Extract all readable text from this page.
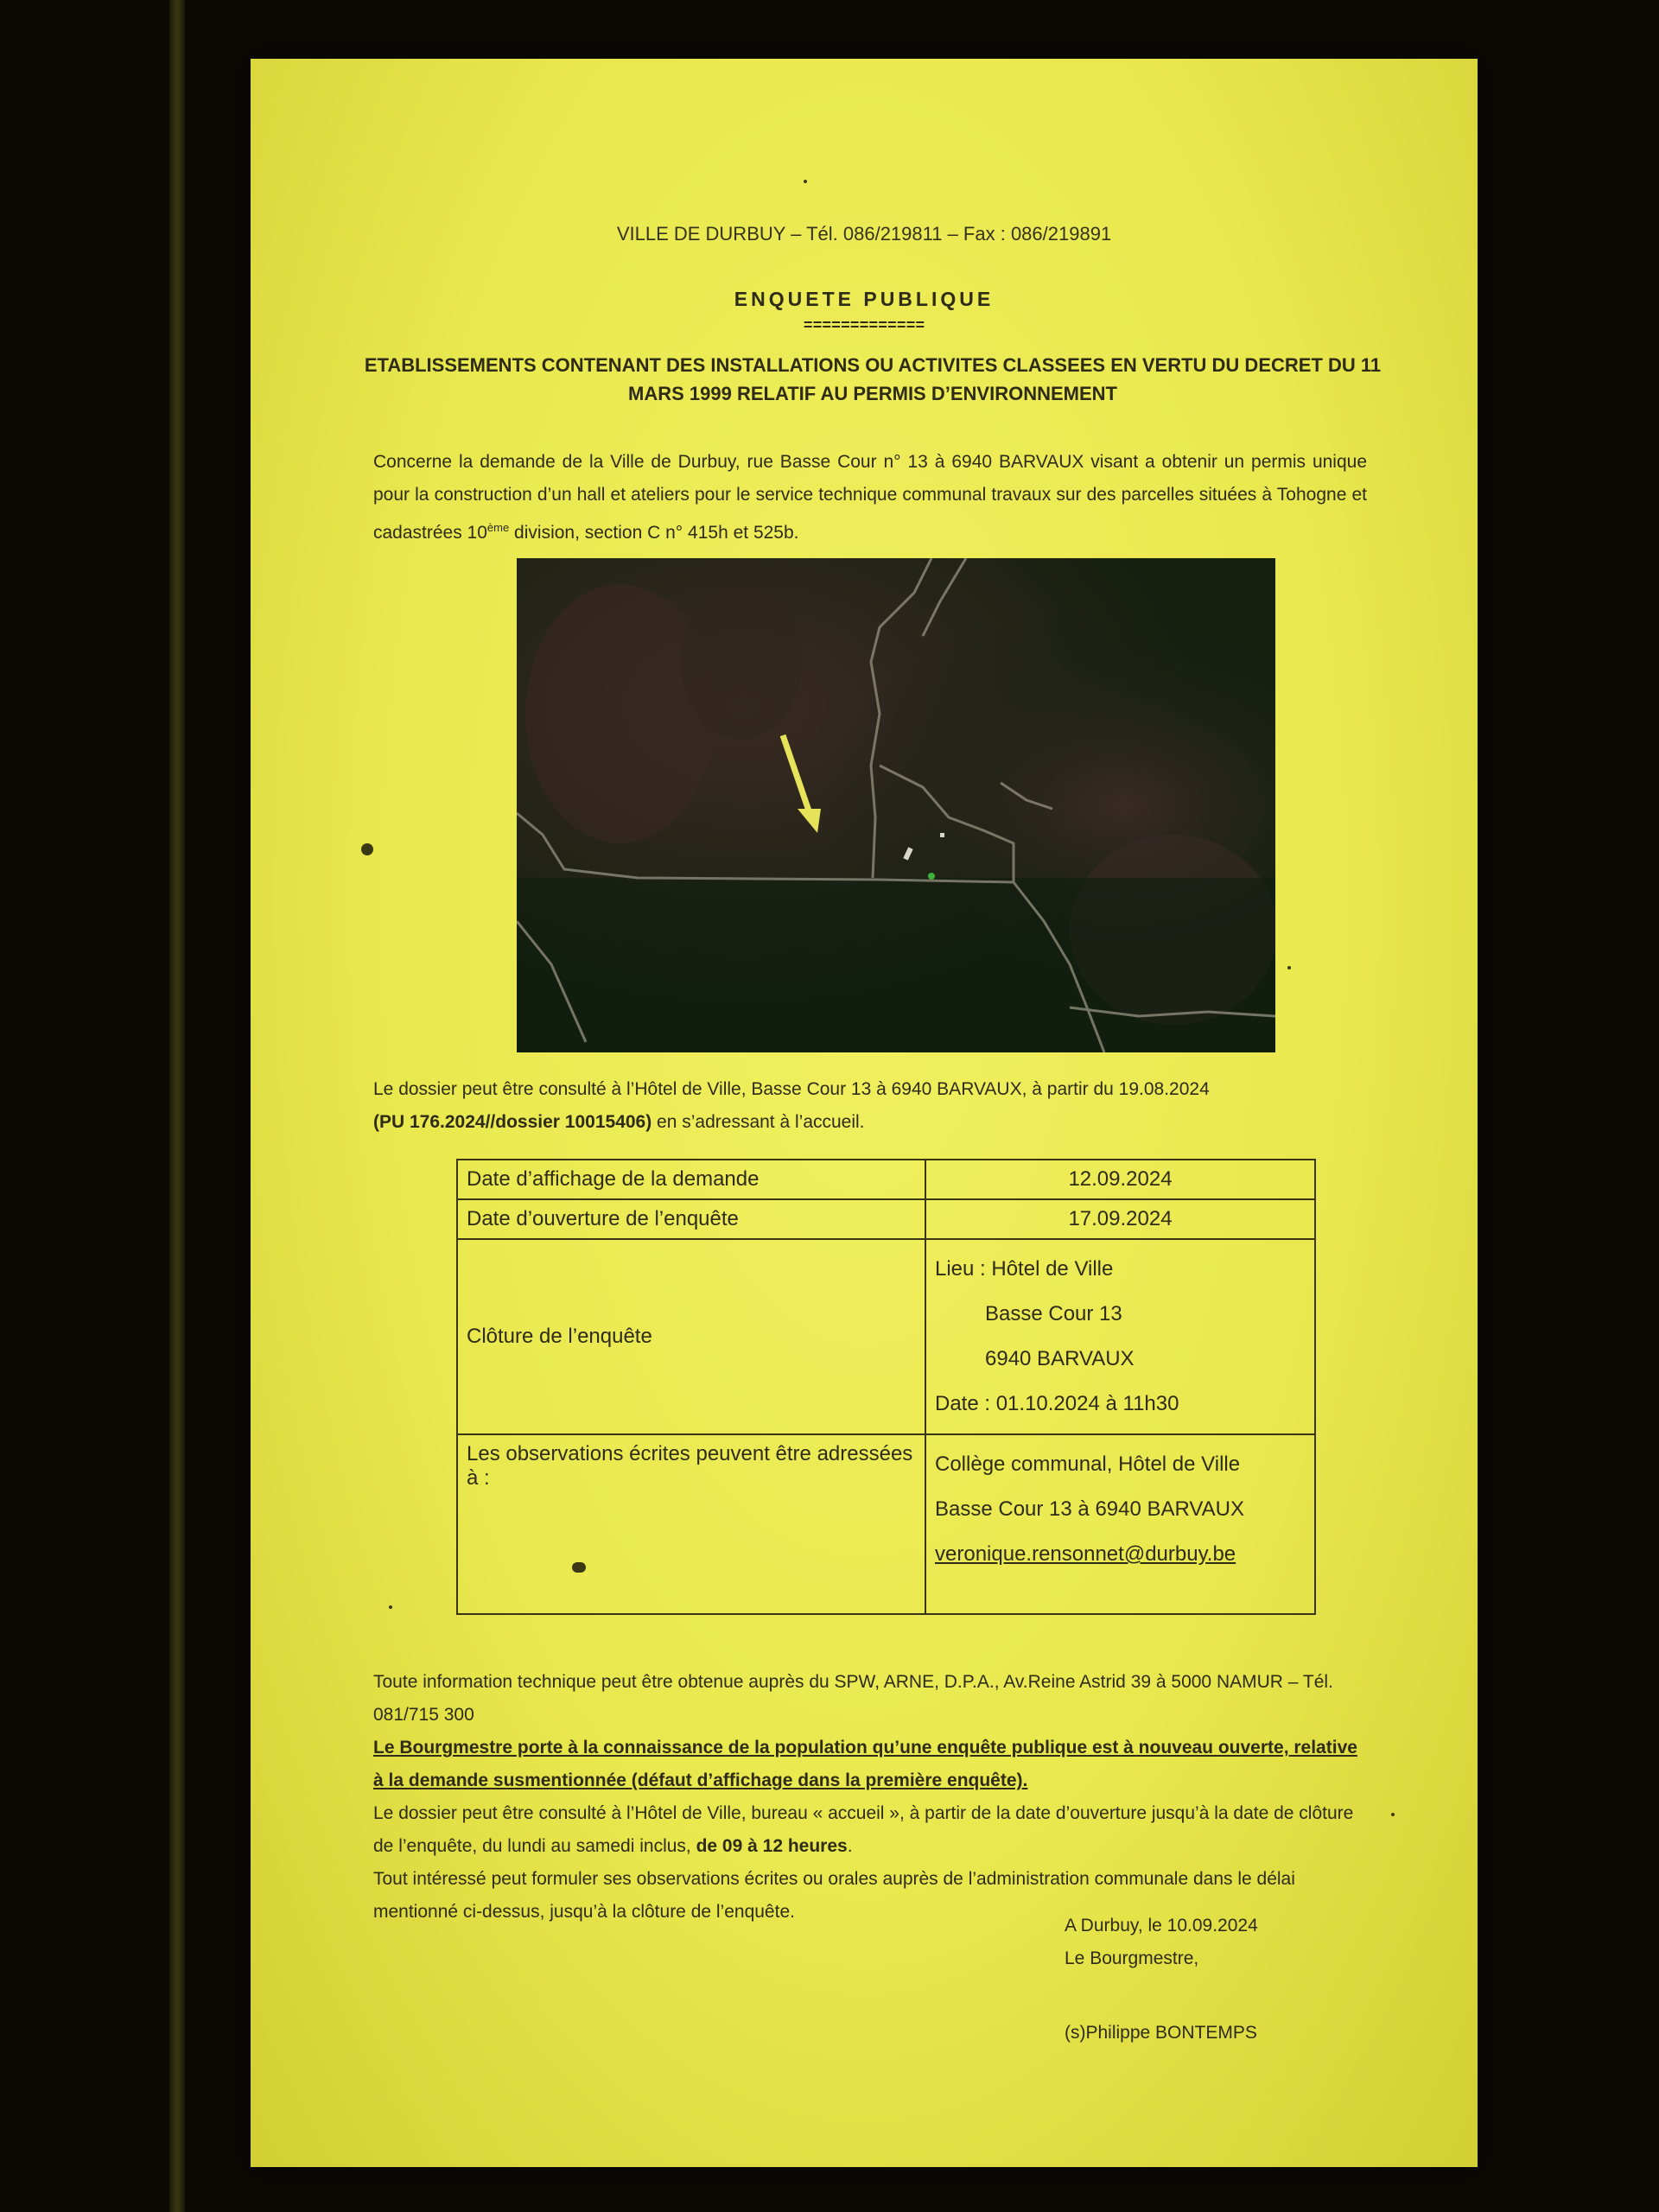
VILLE DE DURBUY – Tél. 086/219811 – Fax : 086/219891

ENQUETE PUBLIQUE

=============

ETABLISSEMENTS CONTENANT DES INSTALLATIONS OU ACTIVITES CLASSEES EN VERTU DU DECRET DU 11 MARS 1999 RELATIF AU PERMIS D’ENVIRONNEMENT

Concerne la demande de la Ville de Durbuy, rue Basse Cour n° 13 à 6940 BARVAUX visant a obtenir un permis unique pour la construction d’un hall et ateliers pour le service technique communal travaux sur des parcelles situées à Tohogne et cadastrées 10ème division, section C n° 415h et 525b.

Le dossier peut être consulté à l’Hôtel de Ville, Basse Cour 13 à 6940 BARVAUX, à partir du 19.08.2024
(PU 176.2024//dossier 10015406) en s’adressant à l’accueil.

Date d’affichage de la demande	12.09.2024
Date d’ouverture de l’enquête	17.09.2024
Clôture de l’enquête	Lieu : Hôtel de Ville
Basse Cour 13
6940 BARVAUX
Date : 01.10.2024 à 11h30

Les observations écrites peuvent être adressées à :	Collège communal, Hôtel de Ville
Basse Cour 13 à 6940 BARVAUX
veronique.rensonnet@durbuy.be
Toute information technique peut être obtenue auprès du SPW, ARNE, D.P.A., Av.Reine Astrid 39 à 5000 NAMUR – Tél. 081/715 300
Le Bourgmestre porte à la connaissance de la population qu’une enquête publique est à nouveau ouverte, relative à la demande susmentionnée (défaut d’affichage dans la première enquête).
Le dossier peut être consulté à l’Hôtel de Ville, bureau « accueil », à partir de la date d’ouverture jusqu’à la date de clôture de l’enquête, du lundi au samedi inclus, de 09 à 12 heures.
Tout intéressé peut formuler ses observations écrites ou orales auprès de l’administration communale dans le délai mentionné ci-dessus, jusqu’à la clôture de l’enquête.
A Durbuy, le 10.09.2024
Le Bourgmestre,
(s)Philippe BONTEMPS
